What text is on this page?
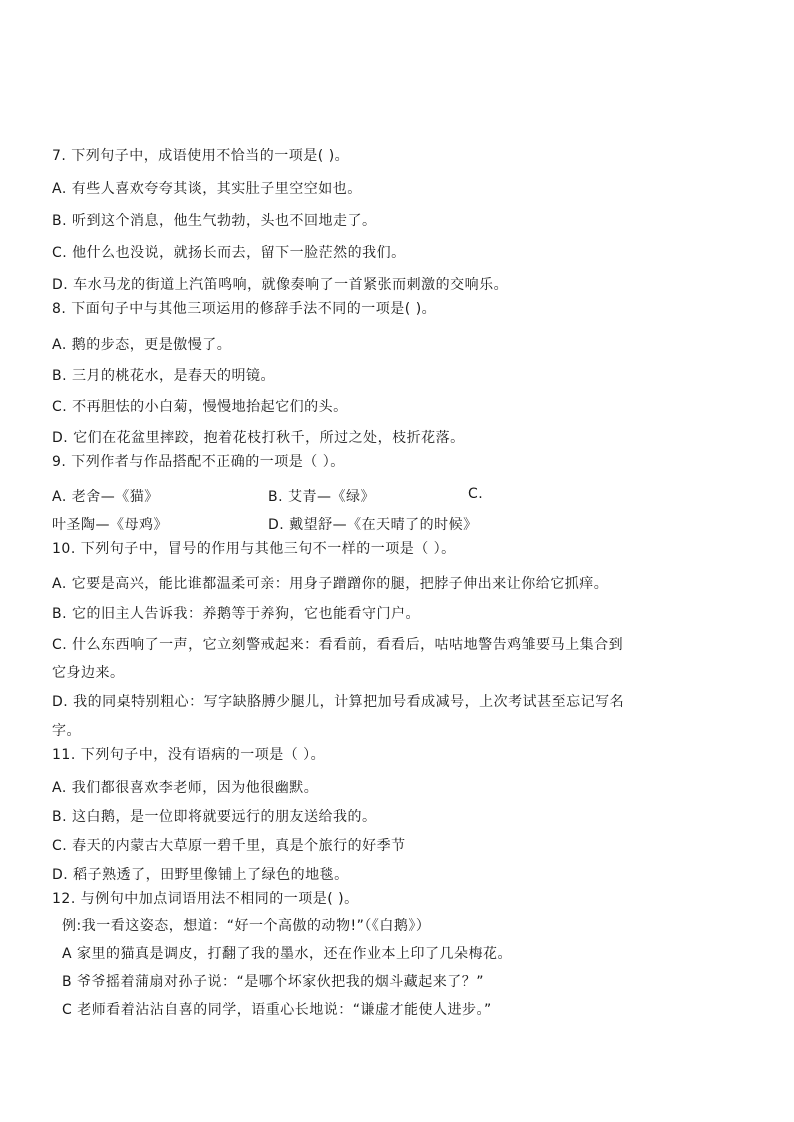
7. 下列句子中，成语使用不恰当的一项是( )。
A. 有些人喜欢夸夸其谈，其实肚子里空空如也。
B. 听到这个消息，他生气勃勃，头也不回地走了。
C. 他什么也没说，就扬长而去，留下一脸茫然的我们。
D. 车水马龙的街道上汽笛鸣响，就像奏响了一首紧张而刺激的交响乐。
8. 下面句子中与其他三项运用的修辞手法不同的一项是( )。
A. 鹅的步态，更是傲慢了。
B. 三月的桃花水，是春天的明镜。
C. 不再胆怯的小白菊，慢慢地抬起它们的头。
D. 它们在花盆里摔跤，抱着花枝打秋千，所过之处，枝折花落。
9. 下列作者与作品搭配不正确的一项是（ ）。
A. 老舍—《猫》	B. 艾青—《绿》	C.
叶圣陶—《母鸡》	D. 戴望舒—《在天晴了的时候》
10. 下列句子中，冒号的作用与其他三句不一样的一项是（ ）。
A. 它要是高兴，能比谁都温柔可亲：用身子蹭蹭你的腿，把脖子伸出来让你给它抓痒。
B. 它的旧主人告诉我：养鹅等于养狗，它也能看守门户。
C. 什么东西响了一声，它立刻警戒起来：看看前，看看后，咕咕地警告鸡雏要马上集合到
它身边来。
D. 我的同桌特别粗心：写字缺胳膊少腿儿，计算把加号看成减号，上次考试甚至忘记写名
字。
11. 下列句子中，没有语病的一项是（ ）。
A. 我们都很喜欢李老师，因为他很幽默。
B. 这白鹅，是一位即将就要远行的朋友送给我的。
C. 春天的内蒙古大草原一碧千里，真是个旅行的好季节
D. 稻子熟透了，田野里像铺上了绿色的地毯。
12. 与例句中加点词语用法不相同的一项是( )。
例:我一看这姿态，想道：“好一个高傲的动物!”（《白鹅》）
A 家里的猫真是调皮，打翻了我的墨水，还在作业本上印了几朵梅花。
B 爷爷摇着蒲扇对孙子说：“是哪个坏家伙把我的烟斗藏起来了？”
C 老师看着沾沾自喜的同学，语重心长地说：“谦虚才能使人进步。”
